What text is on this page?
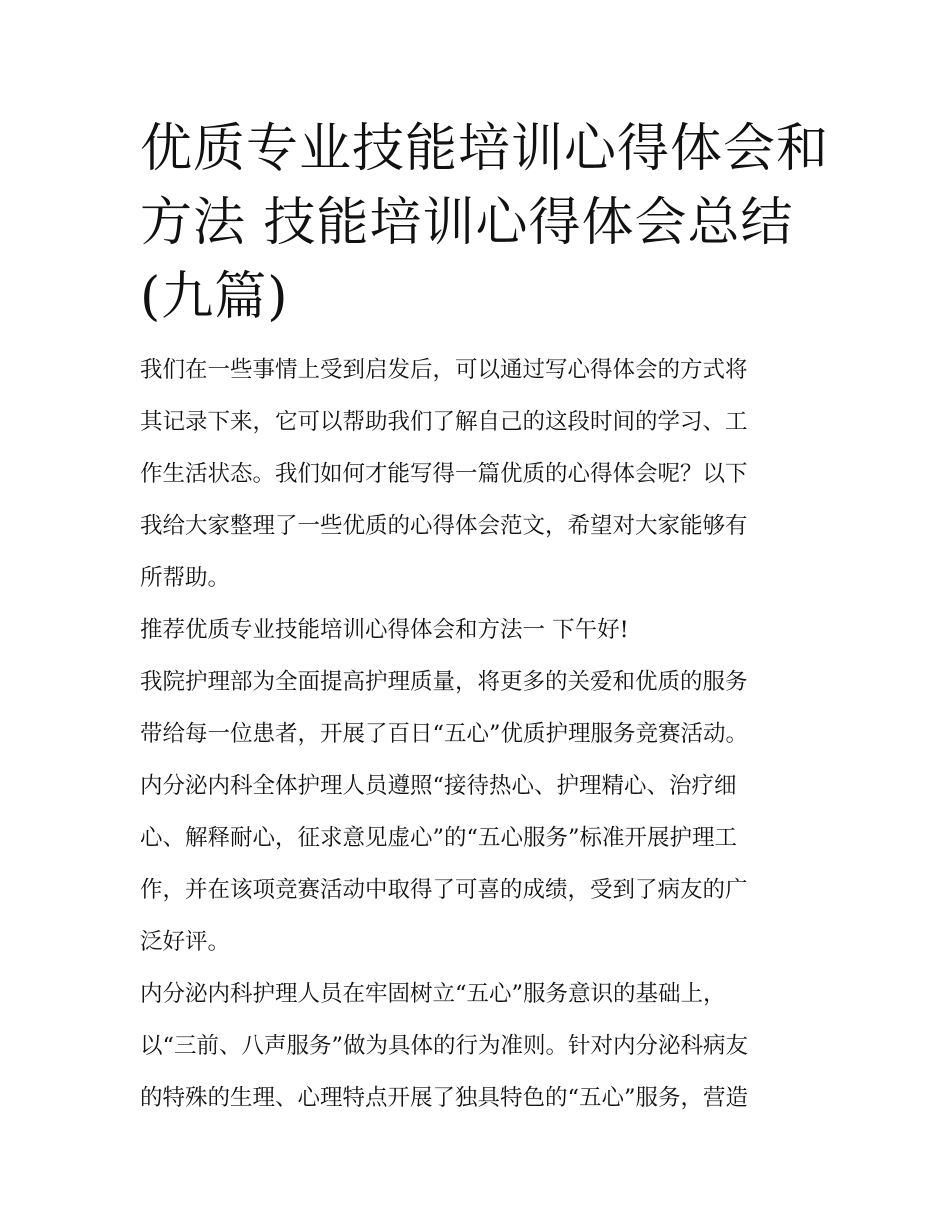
优质专业技能培训心得体会和
方法 技能培训心得体会总结
(九篇)

我们在一些事情上受到启发后，可以通过写心得体会的方式将
其记录下来，它可以帮助我们了解自己的这段时间的学习、工
作生活状态。我们如何才能写得一篇优质的心得体会呢？以下
我给大家整理了一些优质的心得体会范文，希望对大家能够有
所帮助。

推荐优质专业技能培训心得体会和方法一 下午好!

我院护理部为全面提高护理质量，将更多的关爱和优质的服务
带给每一位患者，开展了百日“五心”优质护理服务竞赛活动。
内分泌内科全体护理人员遵照“接待热心、护理精心、治疗细
心、解释耐心，征求意见虚心”的“五心服务”标准开展护理工
作，并在该项竞赛活动中取得了可喜的成绩，受到了病友的广
泛好评。

内分泌内科护理人员在牢固树立“五心”服务意识的基础上，
以“三前、八声服务”做为具体的行为准则。针对内分泌科病友
的特殊的生理、心理特点开展了独具特色的“五心”服务，营造
